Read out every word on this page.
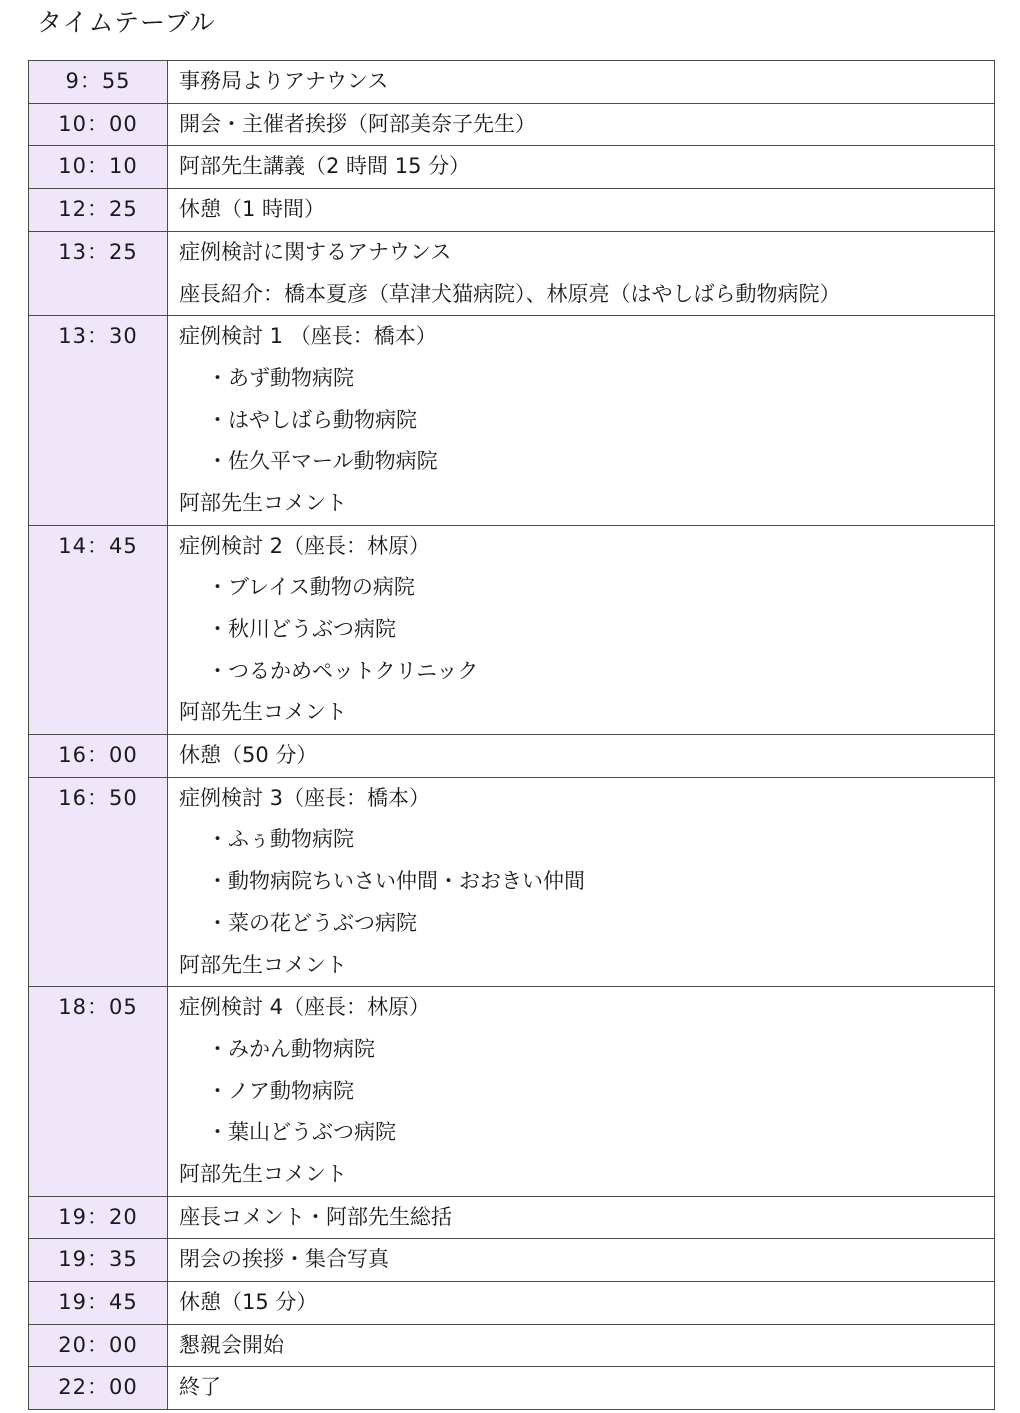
タイムテーブル
9：55	事務局よりアナウンス

10：00	開会・主催者挨拶（阿部美奈子先生）

10：10	阿部先生講義（2 時間 15 分）

12：25	休憩（1 時間）

13：25	症例検討に関するアナウンス
座長紹介：橋本夏彦（草津犬猫病院）、林原亮（はやしばら動物病院）

13：30	症例検討 1 （座長：橋本）
・あず動物病院
・はやしばら動物病院
・佐久平マール動物病院
阿部先生コメント

14：45	症例検討 2（座長：林原）
・ブレイス動物の病院
・秋川どうぶつ病院
・つるかめペットクリニック
阿部先生コメント

16：00	休憩（50 分）

16：50	症例検討 3（座長：橋本）
・ふぅ動物病院
・動物病院ちいさい仲間・おおきい仲間
・菜の花どうぶつ病院
阿部先生コメント

18：05	症例検討 4（座長：林原）
・みかん動物病院
・ノア動物病院
・葉山どうぶつ病院
阿部先生コメント

19：20	座長コメント・阿部先生総括

19：35	閉会の挨拶・集合写真

19：45	休憩（15 分）

20：00	懇親会開始

22：00	終了
